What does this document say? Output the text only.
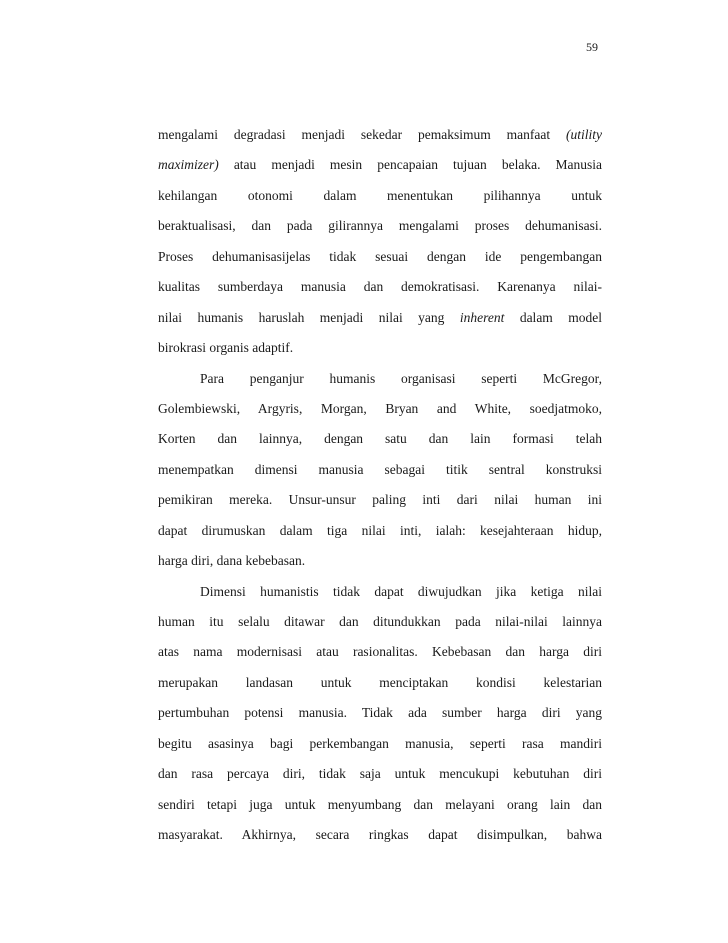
59
mengalami degradasi menjadi sekedar pemaksimum manfaat (utility
maximizer) atau menjadi mesin pencapaian tujuan belaka. Manusia
kehilangan otonomi dalam menentukan pilihannya untuk
beraktualisasi, dan pada gilirannya mengalami proses dehumanisasi.
Proses dehumanisasijelas tidak sesuai dengan ide pengembangan
kualitas sumberdaya manusia dan demokratisasi. Karenanya nilai-
nilai humanis haruslah menjadi nilai yang inherent dalam model
birokrasi organis adaptif.
Para penganjur humanis organisasi seperti McGregor,
Golembiewski, Argyris, Morgan, Bryan and White, soedjatmoko,
Korten dan lainnya, dengan satu dan lain formasi telah
menempatkan dimensi manusia sebagai titik sentral konstruksi
pemikiran mereka. Unsur-unsur paling inti dari nilai human ini
dapat dirumuskan dalam tiga nilai inti, ialah: kesejahteraan hidup,
harga diri, dana kebebasan.
Dimensi humanistis tidak dapat diwujudkan jika ketiga nilai
human itu selalu ditawar dan ditundukkan pada nilai-nilai lainnya
atas nama modernisasi atau rasionalitas. Kebebasan dan harga diri
merupakan landasan untuk menciptakan kondisi kelestarian
pertumbuhan potensi manusia. Tidak ada sumber harga diri yang
begitu asasinya bagi perkembangan manusia, seperti rasa mandiri
dan rasa percaya diri, tidak saja untuk mencukupi kebutuhan diri
sendiri tetapi juga untuk menyumbang dan melayani orang lain dan
masyarakat. Akhirnya, secara ringkas dapat disimpulkan, bahwa
